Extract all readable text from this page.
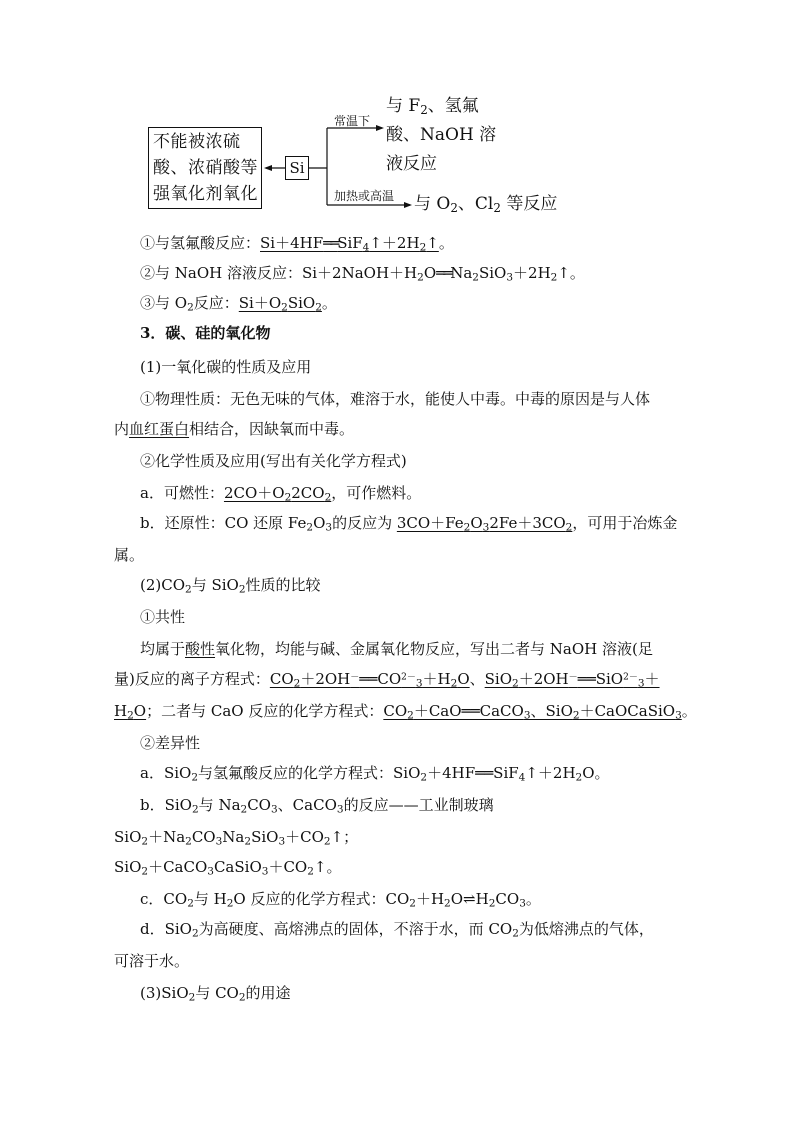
不能被浓硫
酸、浓硝酸等
强氧化剂氧化
Si
常温下
加热或高温
与 $F_2$、氢氟
酸、NaOH 溶
液反应
与 $O_2$、$Cl_2$ 等反应
①与氢氟酸反应：$Si+4HF══SiF_4↑+2H_2↑$。
②与 NaOH 溶液反应：$Si+2NaOH+H_2O══Na_2SiO_3+2H_2↑$。
③与 $O_2$反应：$Si+O_2SiO_2$。
3．碳、硅的氧化物
(1)一氧化碳的性质及应用
①物理性质：无色无味的气体，难溶于水，能使人中毒。中毒的原因是与人体
内血红蛋白相结合，因缺氧而中毒。
②化学性质及应用(写出有关化学方程式)
a．可燃性：$2CO+O_22CO_2$，可作燃料。
b．还原性：CO 还原 $Fe_2O_3$的反应为 $3CO+Fe_2O_32Fe+3CO_2$，可用于冶炼金
属。
$(2)CO_2$与 SiO$_2$性质的比较
①共性
均属于酸性氧化物，均能与碱、金属氧化物反应，写出二者与 NaOH 溶液(足
量)反应的离子方程式：$CO_2+2OH^-══CO^{2-}_3+H_2O$、SiO$_2$＋2OH－══SiO$^{2-}_3$＋
$H_2O$；二者与 CaO 反应的化学方程式：$CO_2+CaO══CaCO_3$、SiO$_2$＋CaOCaSiO$_3$。
②差异性
a．SiO$_2$与氢氟酸反应的化学方程式：$SiO_2+4HF══SiF_4↑+2H_2O$。
b．SiO$_2$与 $Na_2CO_3$、CaCO$_3$的反应——工业制玻璃
$SiO_2+Na_2CO_3Na_2SiO_3+CO_2↑$；
$SiO_2+CaCO_3CaSiO_3+CO_2↑$。
c．$CO_2$与 $H_2O$ 反应的化学方程式：$CO_2+H_2O\rightleftharpoons H_2CO_3$。
d．SiO$_2$为高硬度、高熔沸点的固体，不溶于水，而 $CO_2$为低熔沸点的气体，
可溶于水。
(3)SiO$_2$与 $CO_2$的用途
